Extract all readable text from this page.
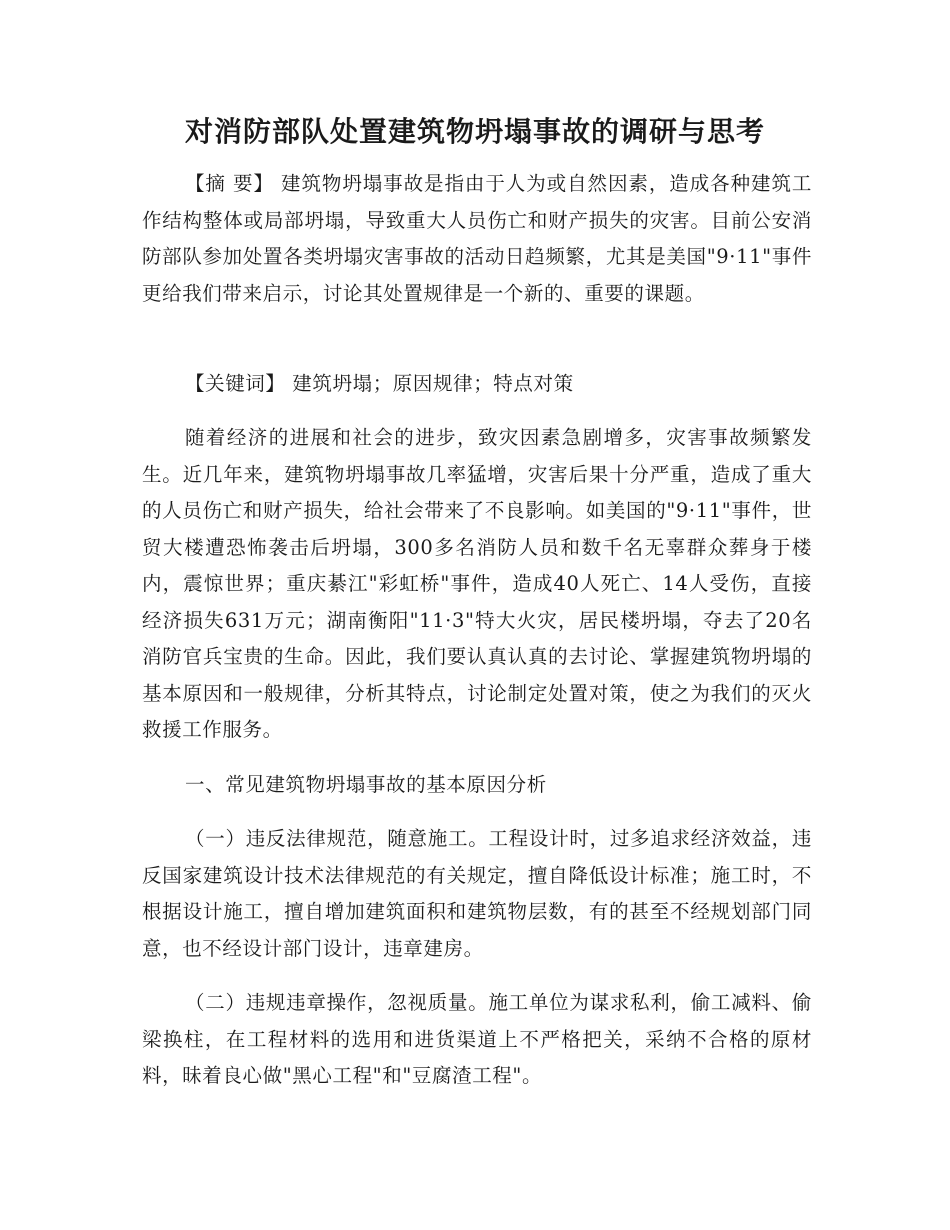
对消防部队处置建筑物坍塌事故的调研与思考

【摘 要】 建筑物坍塌事故是指由于人为或自然因素，造成各种建筑工作结构整体或局部坍塌，导致重大人员伤亡和财产损失的灾害。目前公安消防部队参加处置各类坍塌灾害事故的活动日趋频繁，尤其是美国"9·11"事件更给我们带来启示，讨论其处置规律是一个新的、重要的课题。

【关键词】 建筑坍塌；原因规律；特点对策

随着经济的进展和社会的进步，致灾因素急剧增多，灾害事故频繁发生。近几年来，建筑物坍塌事故几率猛增，灾害后果十分严重，造成了重大的人员伤亡和财产损失，给社会带来了不良影响。如美国的"9·11"事件，世贸大楼遭恐怖袭击后坍塌，300多名消防人员和数千名无辜群众葬身于楼内，震惊世界；重庆綦江"彩虹桥"事件，造成40人死亡、14人受伤，直接经济损失631万元；湖南衡阳"11·3"特大火灾，居民楼坍塌，夺去了20名消防官兵宝贵的生命。因此，我们要认真认真的去讨论、掌握建筑物坍塌的基本原因和一般规律，分析其特点，讨论制定处置对策，使之为我们的灭火救援工作服务。

一、常见建筑物坍塌事故的基本原因分析

（一）违反法律规范，随意施工。工程设计时，过多追求经济效益，违反国家建筑设计技术法律规范的有关规定，擅自降低设计标准；施工时，不根据设计施工，擅自增加建筑面积和建筑物层数，有的甚至不经规划部门同意，也不经设计部门设计，违章建房。

（二）违规违章操作，忽视质量。施工单位为谋求私利，偷工减料、偷梁换柱，在工程材料的选用和进货渠道上不严格把关，采纳不合格的原材料，昧着良心做"黑心工程"和"豆腐渣工程"。
